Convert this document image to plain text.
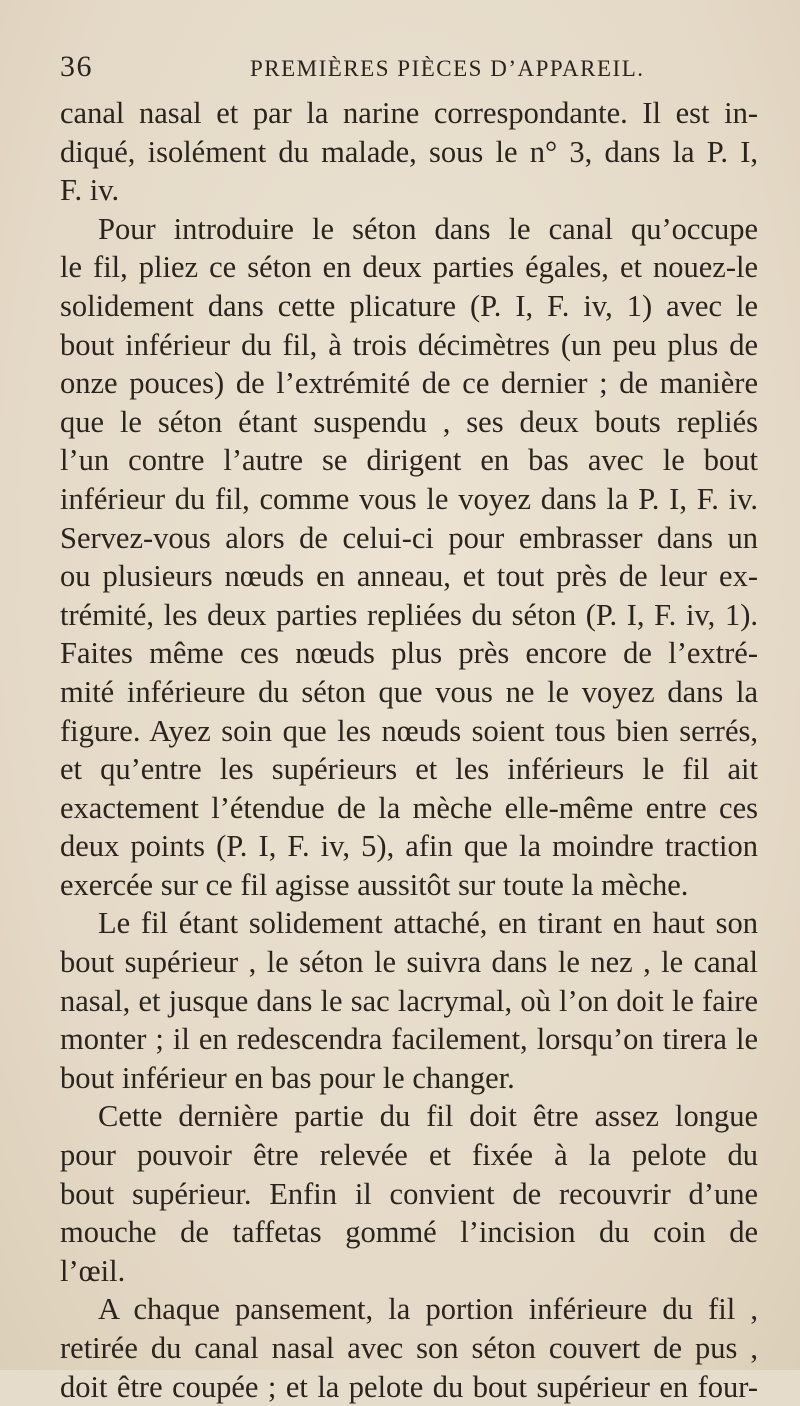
36	PREMIÈRES PIÈCES D’APPAREIL.

canal nasal et par la narine correspondante. Il est in-

diqué, isolément du malade, sous le n° 3, dans la P. I,

F. iv.

Pour introduire le séton dans le canal qu’occupe

le fil, pliez ce séton en deux parties égales, et nouez-le

solidement dans cette plicature (P. I, F. iv, 1) avec le

bout inférieur du fil, à trois décimètres (un peu plus de

onze pouces) de l’extrémité de ce dernier ; de manière

que le séton étant suspendu , ses deux bouts repliés

l’un contre l’autre se dirigent en bas avec le bout

inférieur du fil, comme vous le voyez dans la P. I, F. iv.

Servez-vous alors de celui-ci pour embrasser dans un

ou plusieurs nœuds en anneau, et tout près de leur ex-

trémité, les deux parties repliées du séton (P. I, F. iv, 1).

Faites même ces nœuds plus près encore de l’extré-

mité inférieure du séton que vous ne le voyez dans la

figure. Ayez soin que les nœuds soient tous bien serrés,

et qu’entre les supérieurs et les inférieurs le fil ait

exactement l’étendue de la mèche elle-même entre ces

deux points (P. I, F. iv, 5), afin que la moindre traction

exercée sur ce fil agisse aussitôt sur toute la mèche.

Le fil étant solidement attaché, en tirant en haut son

bout supérieur , le séton le suivra dans le nez , le canal

nasal, et jusque dans le sac lacrymal, où l’on doit le faire

monter ; il en redescendra facilement, lorsqu’on tirera le

bout inférieur en bas pour le changer.

Cette dernière partie du fil doit être assez longue

pour pouvoir être relevée et fixée à la pelote du

bout supérieur. Enfin il convient de recouvrir d’une

mouche de taffetas gommé l’incision du coin de

l’œil.

A chaque pansement, la portion inférieure du fil ,

retirée du canal nasal avec son séton couvert de pus ,

doit être coupée ; et la pelote du bout supérieur en four-
